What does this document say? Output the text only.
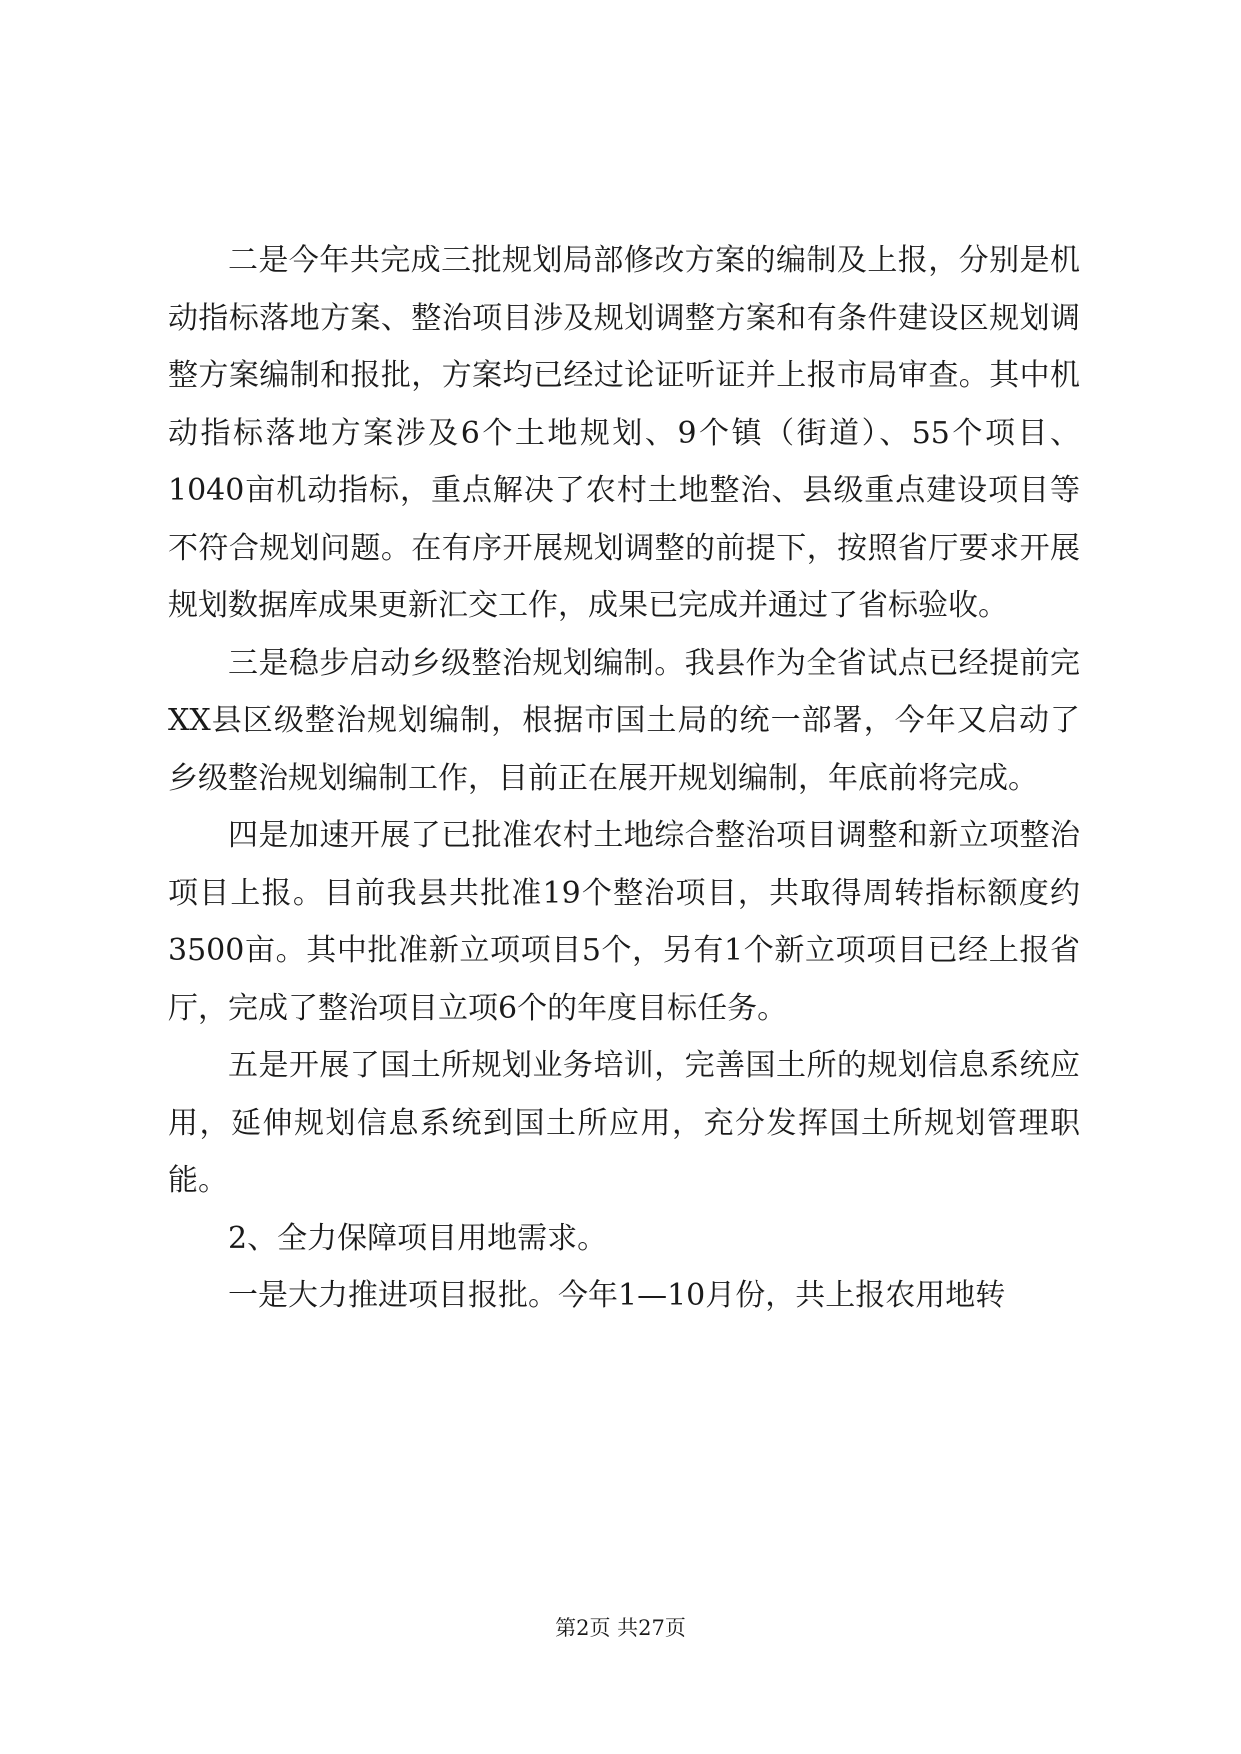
二是今年共完成三批规划局部修改方案的编制及上报，分别是机动指标落地方案、整治项目涉及规划调整方案和有条件建设区规划调整方案编制和报批，方案均已经过论证听证并上报市局审查。其中机动指标落地方案涉及6个土地规划、9个镇（街道）、55个项目、1040亩机动指标，重点解决了农村土地整治、县级重点建设项目等不符合规划问题。在有序开展规划调整的前提下，按照省厅要求开展规划数据库成果更新汇交工作，成果已完成并通过了省标验收。

三是稳步启动乡级整治规划编制。我县作为全省试点已经提前完XX县区级整治规划编制，根据市国土局的统一部署，今年又启动了乡级整治规划编制工作，目前正在展开规划编制，年底前将完成。

四是加速开展了已批准农村土地综合整治项目调整和新立项整治项目上报。目前我县共批准19个整治项目，共取得周转指标额度约3500亩。其中批准新立项项目5个，另有1个新立项项目已经上报省厅，完成了整治项目立项6个的年度目标任务。

五是开展了国土所规划业务培训，完善国土所的规划信息系统应用，延伸规划信息系统到国土所应用，充分发挥国土所规划管理职能。

2、全力保障项目用地需求。

一是大力推进项目报批。今年1—10月份，共上报农用地转

第2页 共27页
